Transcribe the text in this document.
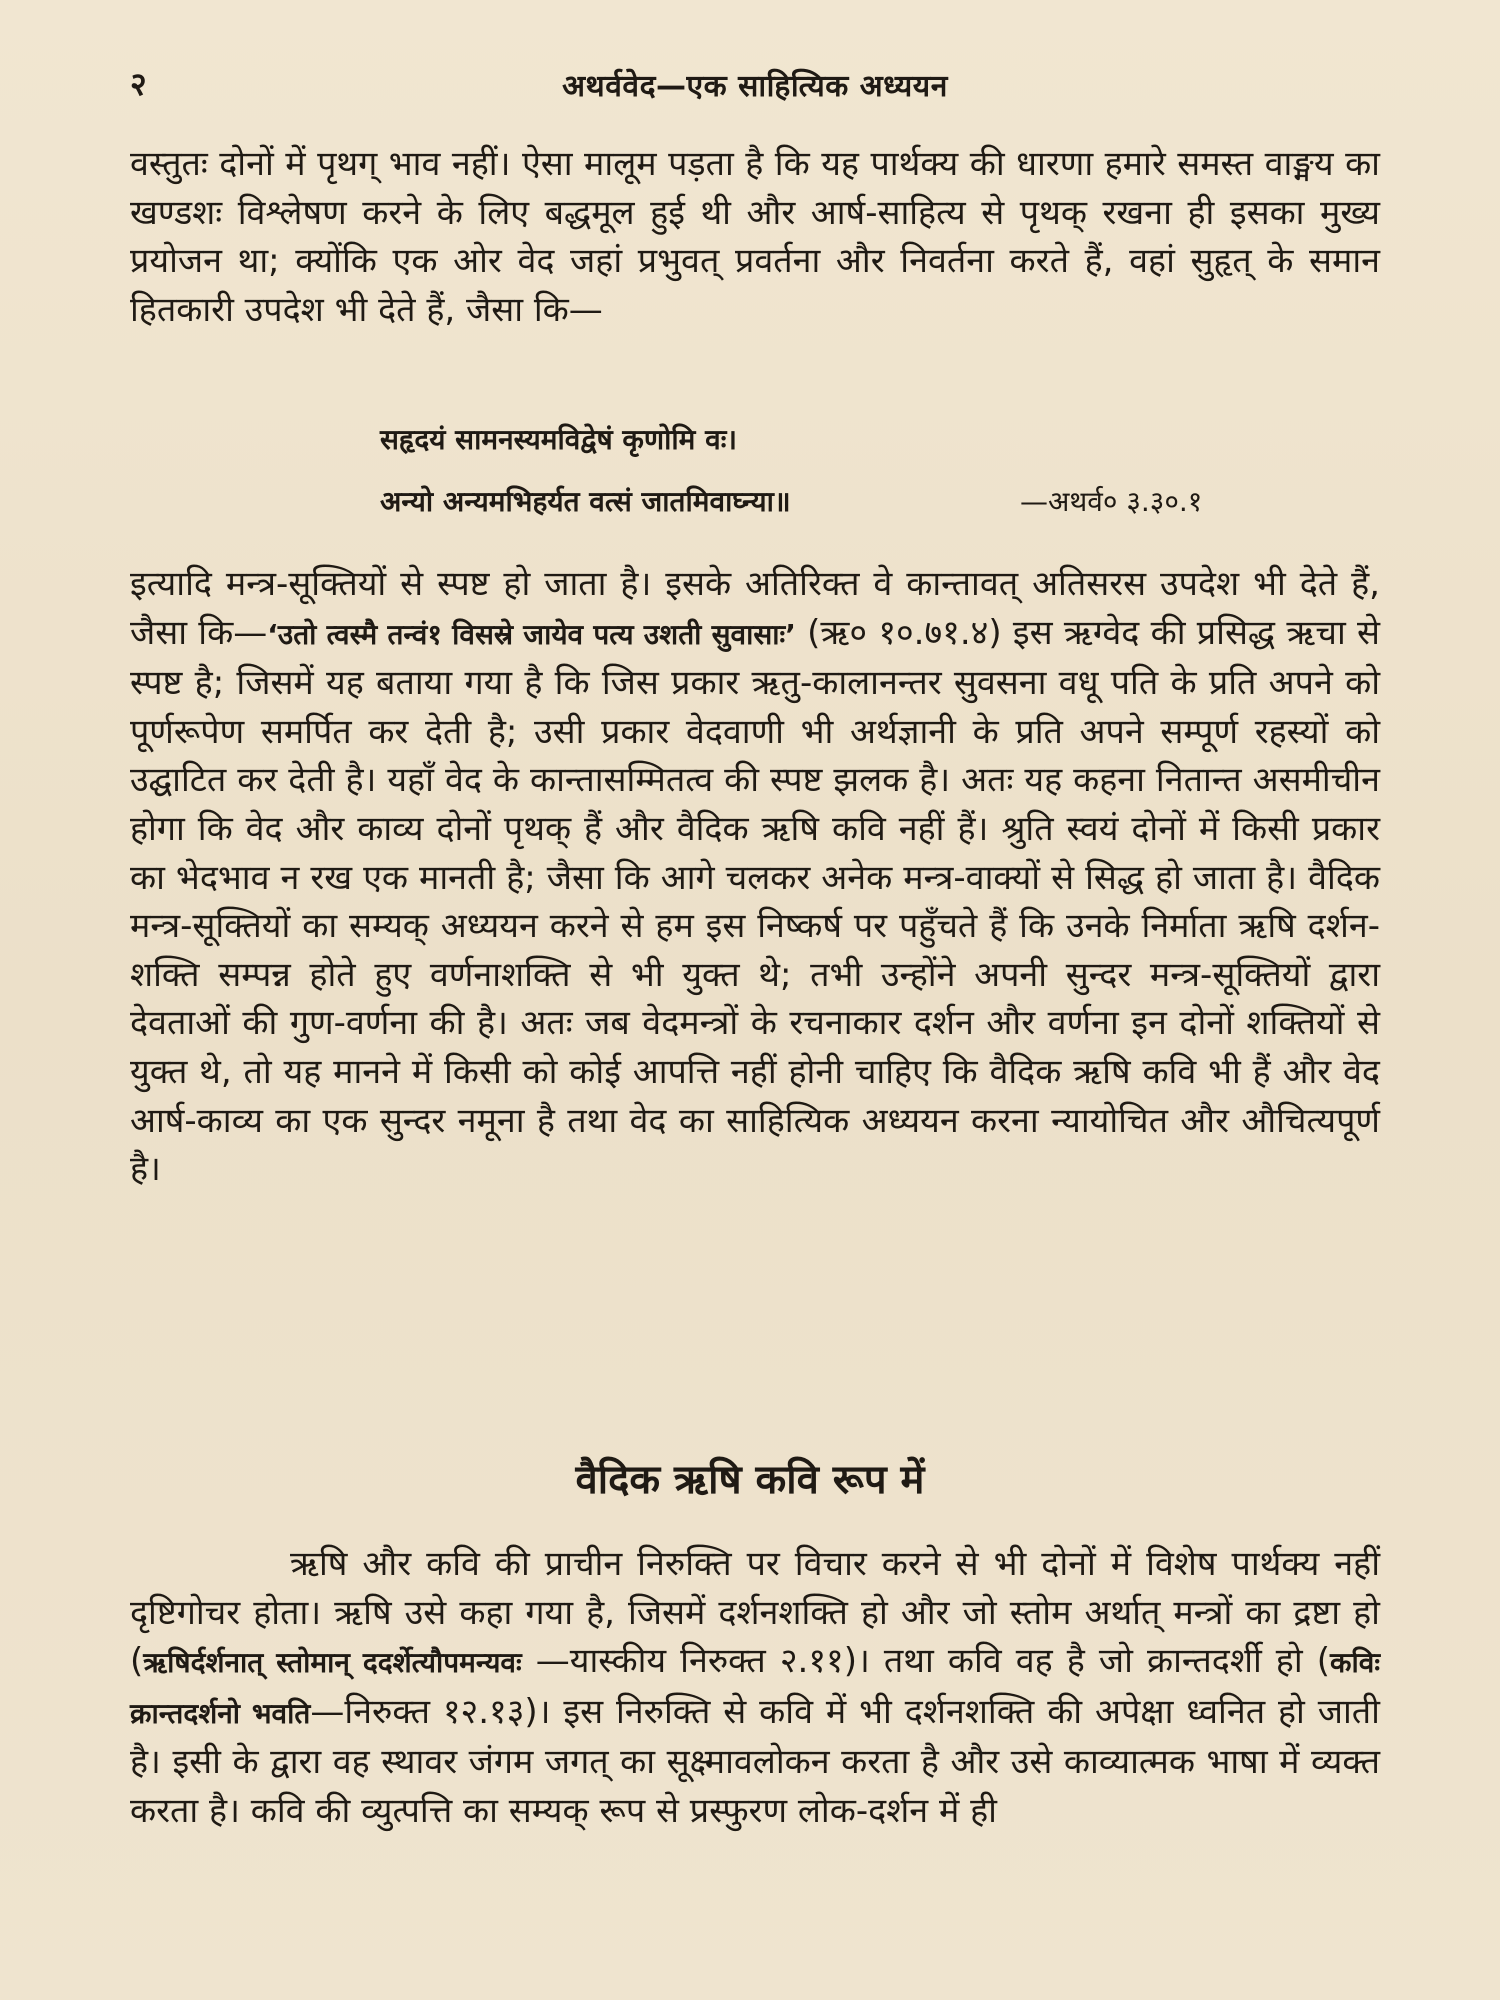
२	अथर्ववेद—एक साहित्यिक अध्ययन

वस्तुतः दोनों में पृथग् भाव नहीं। ऐसा मालूम पड़ता है कि यह पार्थक्य की धारणा हमारे समस्त वाङ्मय का खण्डशः विश्लेषण करने के लिए बद्धमूल हुई थी और आर्ष-साहित्य से पृथक् रखना ही इसका मुख्य प्रयोजन था; क्योंकि एक ओर वेद जहां प्रभुवत् प्रवर्तना और निवर्तना करते हैं, वहां सुहृत् के समान हितकारी उपदेश भी देते हैं, जैसा कि—

सहृदयं सामनस्यमविद्वेषं कृणोमि वः।
अन्यो अन्यमभिहर्यत वत्सं जातमिवाघ्न्या॥	—अथर्व० ३.३०.१

इत्यादि मन्त्र-सूक्तियों से स्पष्ट हो जाता है। इसके अतिरिक्त वे कान्तावत् अतिसरस उपदेश भी देते हैं, जैसा कि—‘उतो त्वस्मै तन्वं१ विसस्रे जायेव पत्य उशती सुवासाः’ (ऋ० १०.७१.४) इस ऋग्वेद की प्रसिद्ध ऋचा से स्पष्ट है; जिसमें यह बताया गया है कि जिस प्रकार ऋतु-कालानन्तर सुवसना वधू पति के प्रति अपने को पूर्णरूपेण समर्पित कर देती है; उसी प्रकार वेदवाणी भी अर्थज्ञानी के प्रति अपने सम्पूर्ण रहस्यों को उद्घाटित कर देती है। यहाँ वेद के कान्तासम्मितत्व की स्पष्ट झलक है। अतः यह कहना नितान्त असमीचीन होगा कि वेद और काव्य दोनों पृथक् हैं और वैदिक ऋषि कवि नहीं हैं। श्रुति स्वयं दोनों में किसी प्रकार का भेदभाव न रख एक मानती है; जैसा कि आगे चलकर अनेक मन्त्र-वाक्यों से सिद्ध हो जाता है। वैदिक मन्त्र-सूक्तियों का सम्यक् अध्ययन करने से हम इस निष्कर्ष पर पहुँचते हैं कि उनके निर्माता ऋषि दर्शन-शक्ति सम्पन्न होते हुए वर्णनाशक्ति से भी युक्त थे; तभी उन्होंने अपनी सुन्दर मन्त्र-सूक्तियों द्वारा देवताओं की गुण-वर्णना की है। अतः जब वेदमन्त्रों के रचनाकार दर्शन और वर्णना इन दोनों शक्तियों से युक्त थे, तो यह मानने में किसी को कोई आपत्ति नहीं होनी चाहिए कि वैदिक ऋषि कवि भी हैं और वेद आर्ष-काव्य का एक सुन्दर नमूना है तथा वेद का साहित्यिक अध्ययन करना न्यायोचित और औचित्यपूर्ण है।

वैदिक ऋषि कवि रूप में

ऋषि और कवि की प्राचीन निरुक्ति पर विचार करने से भी दोनों में विशेष पार्थक्य नहीं दृष्टिगोचर होता। ऋषि उसे कहा गया है, जिसमें दर्शनशक्ति हो और जो स्तोम अर्थात् मन्त्रों का द्रष्टा हो (ऋषिर्दर्शनात् स्तोमान् ददर्शेत्यौपमन्यवः —यास्कीय निरुक्त २.११)। तथा कवि वह है जो क्रान्तदर्शी हो (कविः क्रान्तदर्शनो भवति—निरुक्त १२.१३)। इस निरुक्ति से कवि में भी दर्शनशक्ति की अपेक्षा ध्वनित हो जाती है। इसी के द्वारा वह स्थावर जंगम जगत् का सूक्ष्मावलोकन करता है और उसे काव्यात्मक भाषा में व्यक्त करता है। कवि की व्युत्पत्ति का सम्यक् रूप से प्रस्फुरण लोक-दर्शन में ही
